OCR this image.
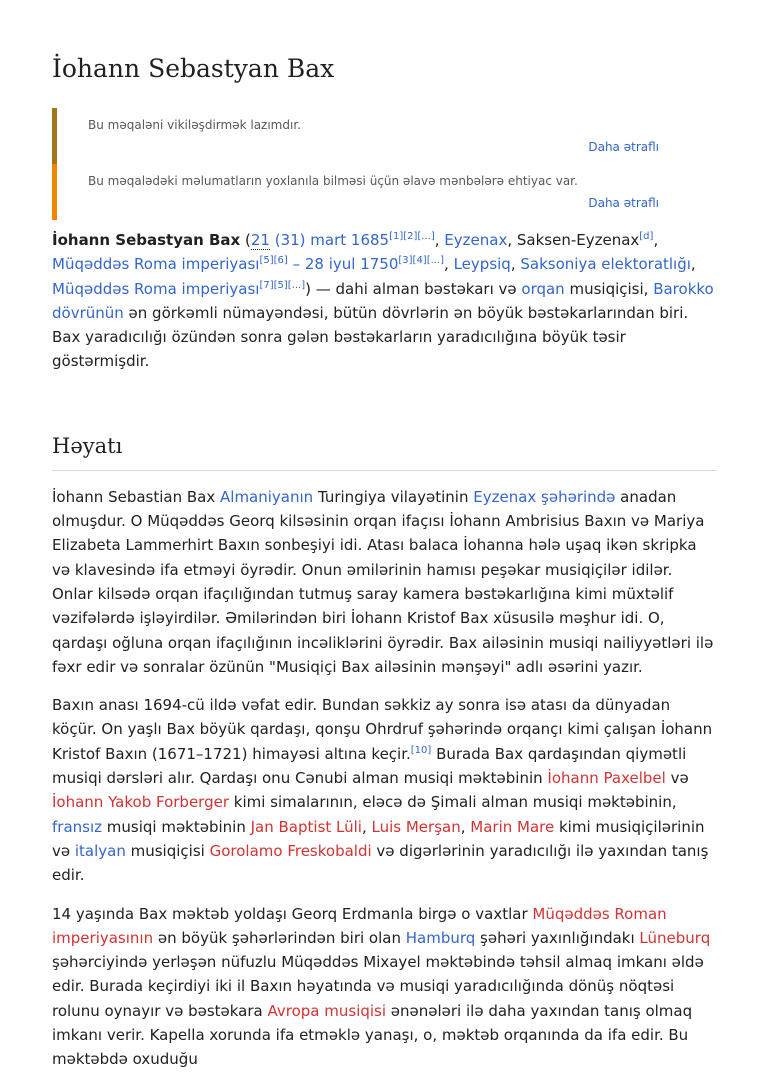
İohann Sebastyan Bax
Bu məqaləni vikiləşdirmək lazımdır.
Daha ətraflı
Bu məqalədəki məlumatların yoxlanıla bilməsi üçün əlavə mənbələrə ehtiyac var.
Daha ətraflı

İohann Sebastyan Bax (21 (31) mart 1685[1][2][...], Eyzenax, Saksen-Eyzenax[d], Müqəddəs Roma imperiyası[5][6] – 28 iyul 1750[3][4][...], Leypsiq, Saksoniya elektoratlığı, Müqəddəs Roma imperiyası[7][5][...]) — dahi alman bəstəkarı və orqan musiqiçisi, Barokko dövrünün ən görkəmli nümayəndəsi, bütün dövrlərin ən böyük bəstəkarlarından biri. Bax yaradıcılığı özündən sonra gələn bəstəkarların yaradıcılığına böyük təsir göstərmişdir.

Həyatı

İohann Sebastian Bax Almaniyanın Turingiya vilayətinin Eyzenax şəhərində anadan olmuşdur. O Müqəddəs Georq kilsəsinin orqan ifaçısı İohann Ambrisius Baxın və Mariya Elizabeta Lammerhirt Baxın sonbeşiyi idi. Atası balaca İohanna hələ uşaq ikən skripka və klavesində ifa etməyi öyrədir. Onun əmilərinin hamısı peşəkar musiqiçilər idilər. Onlar kilsədə orqan ifaçılığından tutmuş saray kamera bəstəkarlığına kimi müxtəlif vəzifələrdə işləyirdilər. Əmilərindən biri İohann Kristof Bax xüsusilə məşhur idi. O, qardaşı oğluna orqan ifaçılığının incəliklərini öyrədir. Bax ailəsinin musiqi nailiyyətləri ilə fəxr edir və sonralar özünün "Musiqiçi Bax ailəsinin mənşəyi" adlı əsərini yazır.

Baxın anası 1694-cü ildə vəfat edir. Bundan səkkiz ay sonra isə atası da dünyadan köçür. On yaşlı Bax böyük qardaşı, qonşu Ohrdruf şəhərində orqançı kimi çalışan İohann Kristof Baxın (1671–1721) himayəsi altına keçir.[10] Burada Bax qardaşından qiymətli musiqi dərsləri alır. Qardaşı onu Cənubi alman musiqi məktəbinin İohann Paxelbel və İohann Yakob Forberger kimi simalarının, eləcə də Şimali alman musiqi məktəbinin, fransız musiqi məktəbinin Jan Baptist Lüli, Luis Merşan, Marin Mare kimi musiqiçilərinin və italyan musiqiçisi Gorolamo Freskobaldi və digərlərinin yaradıcılığı ilə yaxından tanış edir.

14 yaşında Bax məktəb yoldaşı Georq Erdmanla birgə o vaxtlar Müqəddəs Roman imperiyasının ən böyük şəhərlərindən biri olan Hamburq şəhəri yaxınlığındakı Lüneburq şəhərciyində yerləşən nüfuzlu Müqəddəs Mixayel məktəbində təhsil almaq imkanı əldə edir. Burada keçirdiyi iki il Baxın həyatında və musiqi yaradıcılığında dönüş nöqtəsi rolunu oynayır və bəstəkara Avropa musiqisi ənənələri ilə daha yaxından tanış olmaq imkanı verir. Kapella xorunda ifa etməklə yanaşı, o, məktəb orqanında da ifa edir. Bu məktəbdə oxuduğu
